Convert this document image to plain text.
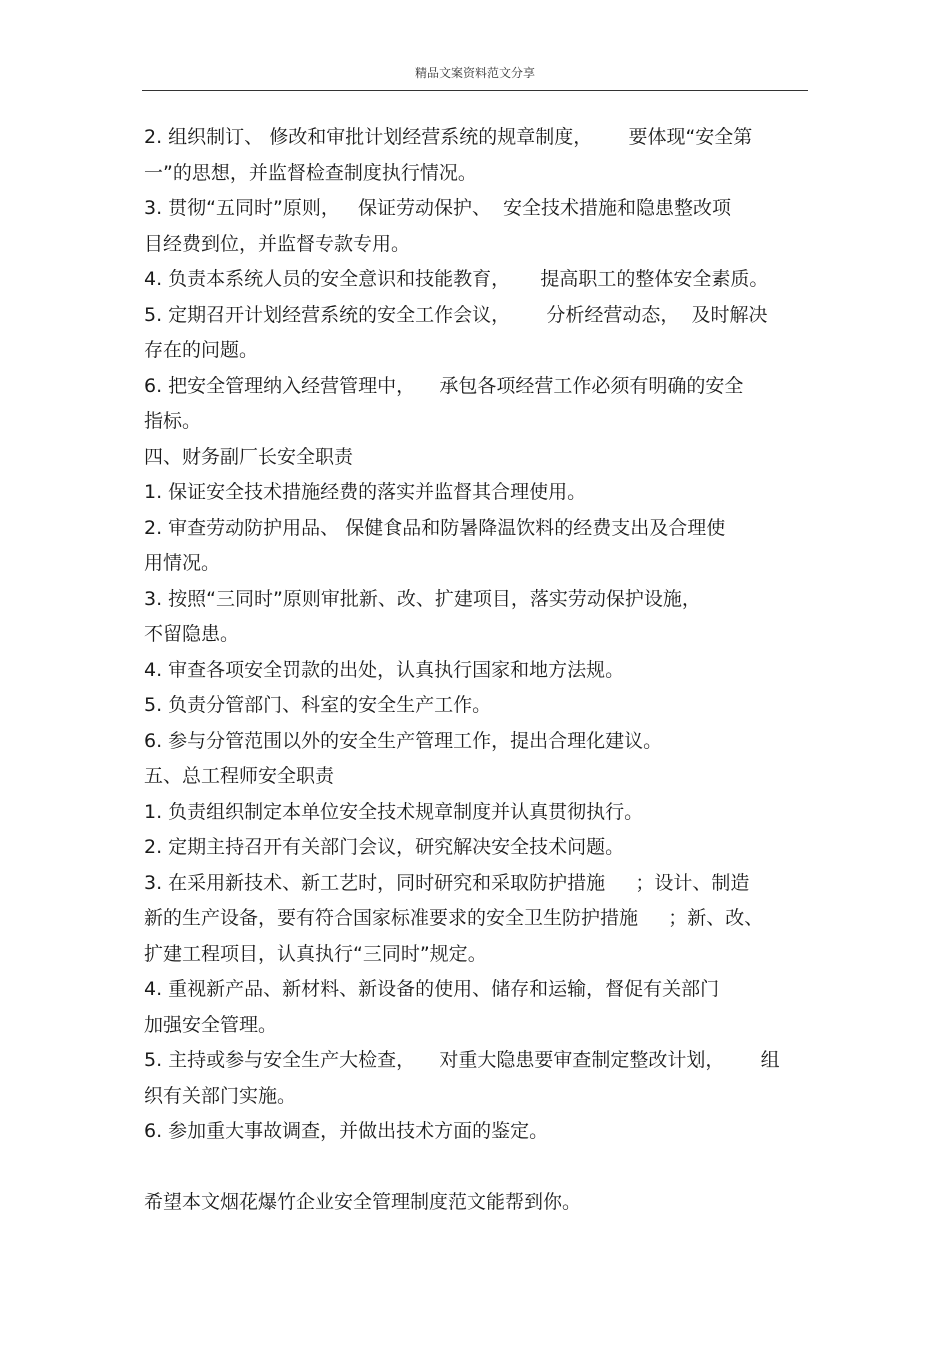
精品文案资料范文分享
2. 组织制订、 修改和审批计划经营系统的规章制度，      要体现“安全第
一”的思想，并监督检查制度执行情况。
3. 贯彻“五同时”原则，   保证劳动保护、  安全技术措施和隐患整改项
目经费到位，并监督专款专用。
4. 负责本系统人员的安全意识和技能教育，     提高职工的整体安全素质。
5. 定期召开计划经营系统的安全工作会议，      分析经营动态，  及时解决
存在的问题。
6. 把安全管理纳入经营管理中，    承包各项经营工作必须有明确的安全
指标。
四、财务副厂长安全职责
1. 保证安全技术措施经费的落实并监督其合理使用。
2. 审查劳动防护用品、 保健食品和防暑降温饮料的经费支出及合理使
用情况。
3. 按照“三同时”原则审批新、改、扩建项目，落实劳动保护设施，
不留隐患。
4. 审查各项安全罚款的出处，认真执行国家和地方法规。
5. 负责分管部门、科室的安全生产工作。
6. 参与分管范围以外的安全生产管理工作，提出合理化建议。
五、总工程师安全职责
1. 负责组织制定本单位安全技术规章制度并认真贯彻执行。
2. 定期主持召开有关部门会议，研究解决安全技术问题。
3. 在采用新技术、新工艺时，同时研究和采取防护措施     ；设计、制造
新的生产设备，要有符合国家标准要求的安全卫生防护措施     ；新、改、
扩建工程项目，认真执行“三同时”规定。
4. 重视新产品、新材料、新设备的使用、储存和运输，督促有关部门
加强安全管理。
5. 主持或参与安全生产大检查，    对重大隐患要审查制定整改计划，      组
织有关部门实施。
6. 参加重大事故调查，并做出技术方面的鉴定。
希望本文烟花爆竹企业安全管理制度范文能帮到你。
